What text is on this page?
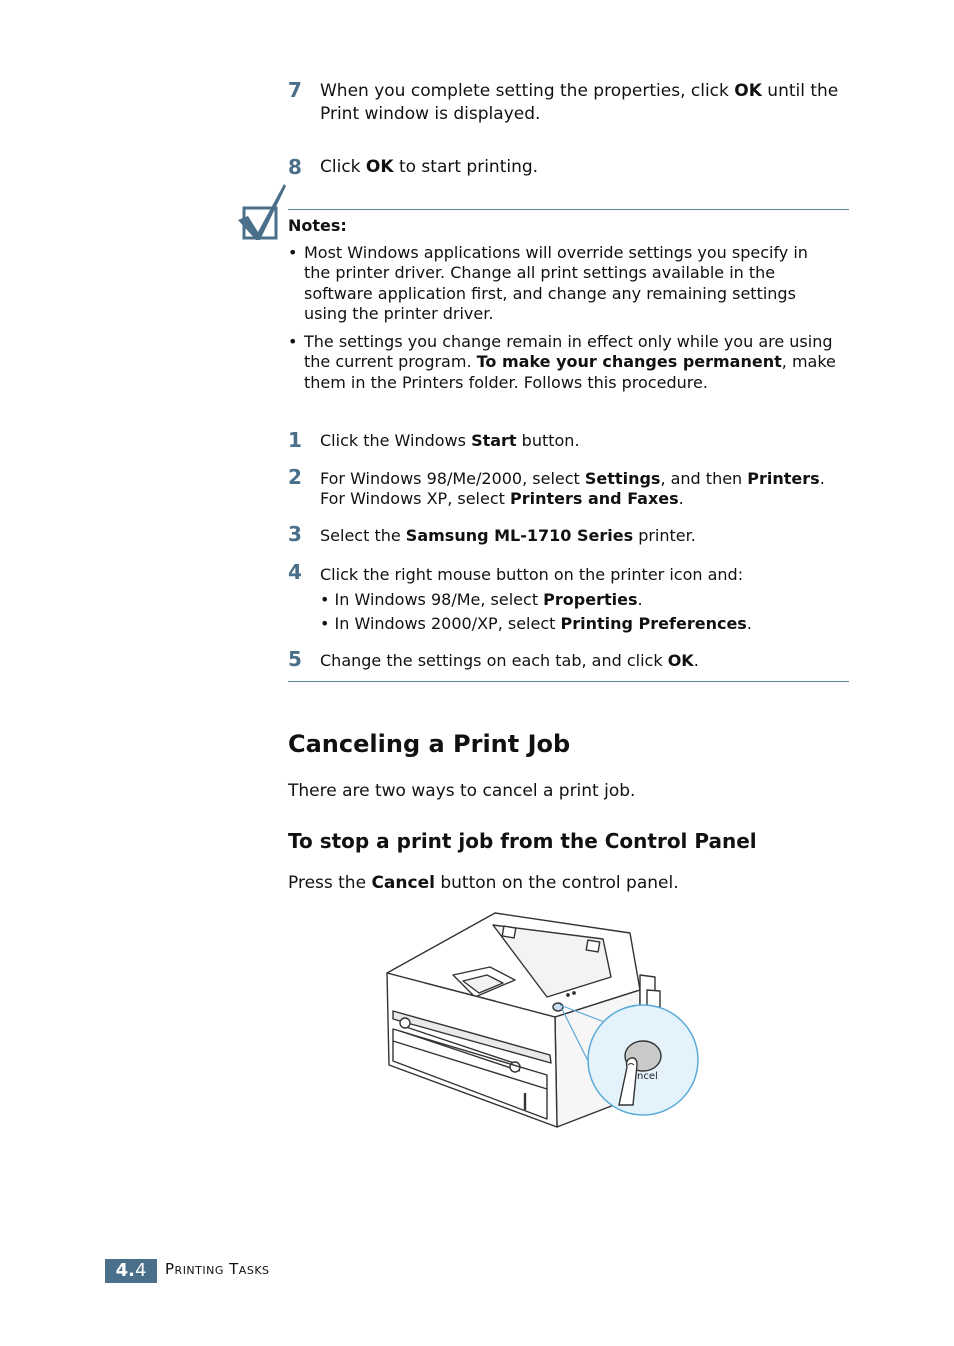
7 When you complete setting the properties, click OK until the Print window is displayed.
8 Click OK to start printing.
Notes:
• Most Windows applications will override settings you specify in the printer driver. Change all print settings available in the software application first, and change any remaining settings using the printer driver.
• The settings you change remain in effect only while you are using the current program. To make your changes permanent, make them in the Printers folder. Follows this procedure.
1 Click the Windows Start button.
2 For Windows 98/Me/2000, select Settings, and then Printers.
For Windows XP, select Printers and Faxes.
3 Select the Samsung ML-1710 Series printer.
4 Click the right mouse button on the printer icon and:
• In Windows 98/Me, select Properties.
• In Windows 2000/XP, select Printing Preferences.
5 Change the settings on each tab, and click OK.
Canceling a Print Job
There are two ways to cancel a print job.
To stop a print job from the Control Panel
Press the Cancel button on the control panel.
ncel
4.4	Printing Tasks
